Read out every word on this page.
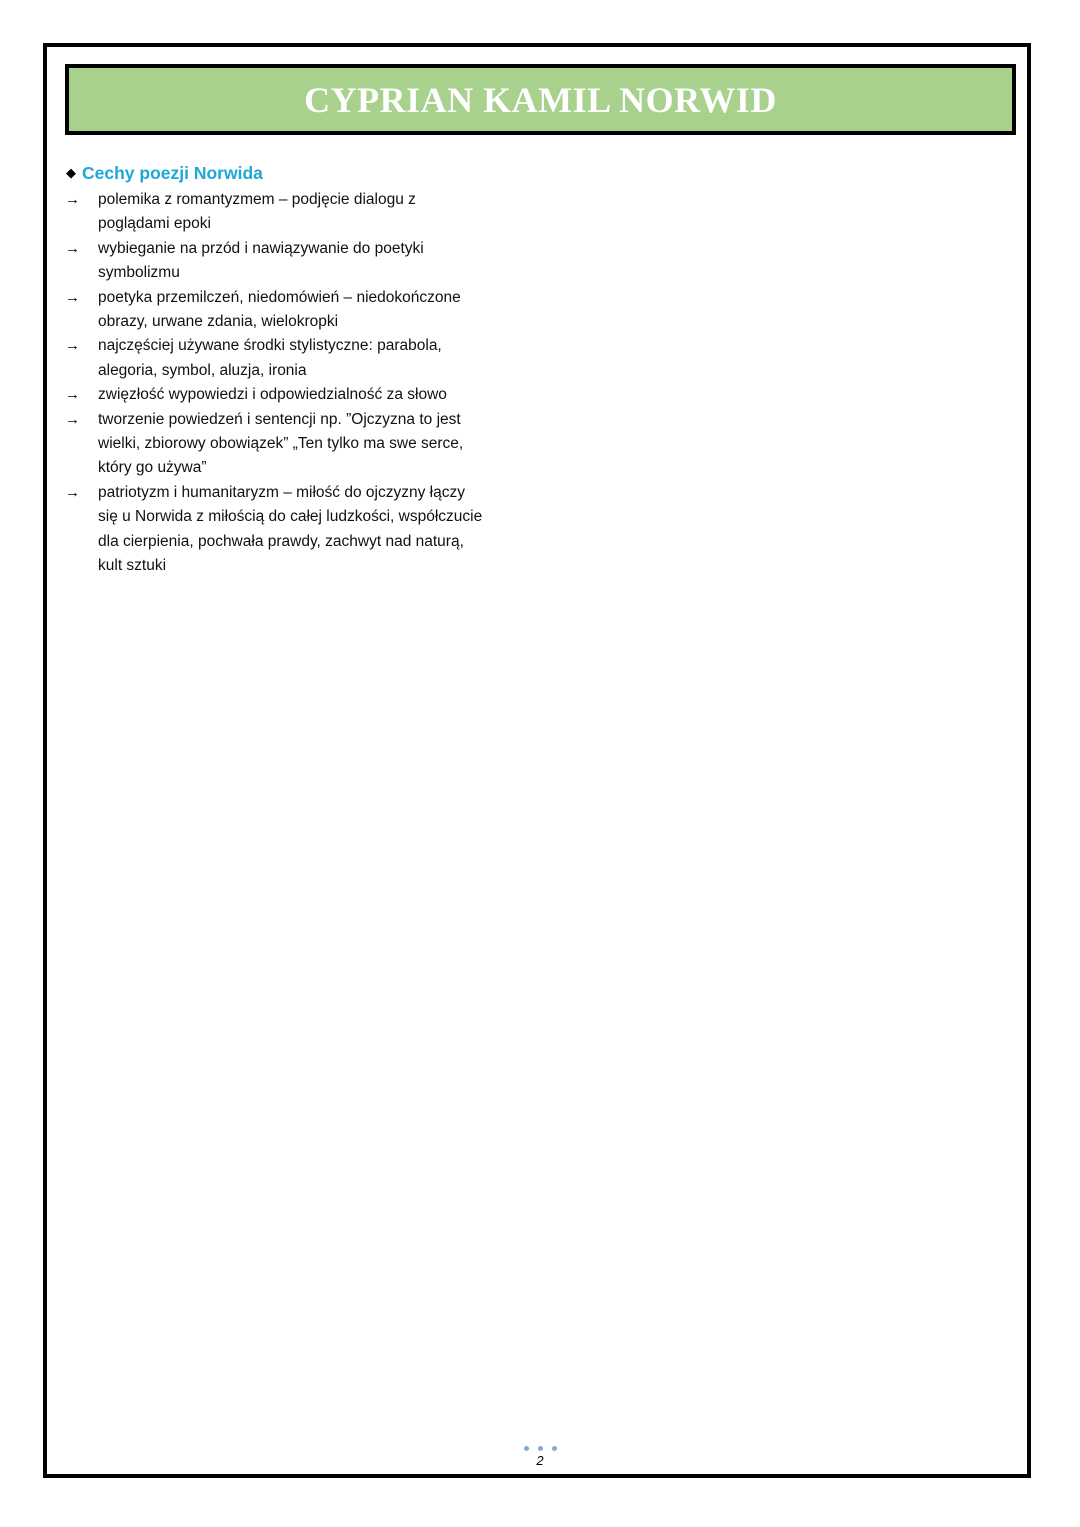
CYPRIAN KAMIL NORWID
◆ Cechy poezji Norwida
→	polemika z romantyzmem – podjęcie dialogu z
poglądami epoki
→	wybieganie na przód i nawiązywanie do poetyki
symbolizmu
→	poetyka przemilczeń, niedomówień – niedokończone
obrazy, urwane zdania, wielokropki
→	najczęściej używane środki stylistyczne: parabola,
alegoria, symbol, aluzja, ironia
→	zwięzłość wypowiedzi i odpowiedzialność za słowo
→	tworzenie powiedzeń i sentencji np. ”Ojczyzna to jest
wielki, zbiorowy obowiązek” „Ten tylko ma swe serce,
który go używa”
→	patriotyzm i humanitaryzm – miłość do ojczyzny łączy
się u Norwida z miłością do całej ludzkości, współczucie
dla cierpienia, pochwała prawdy, zachwyt nad naturą,
kult sztuki
2
